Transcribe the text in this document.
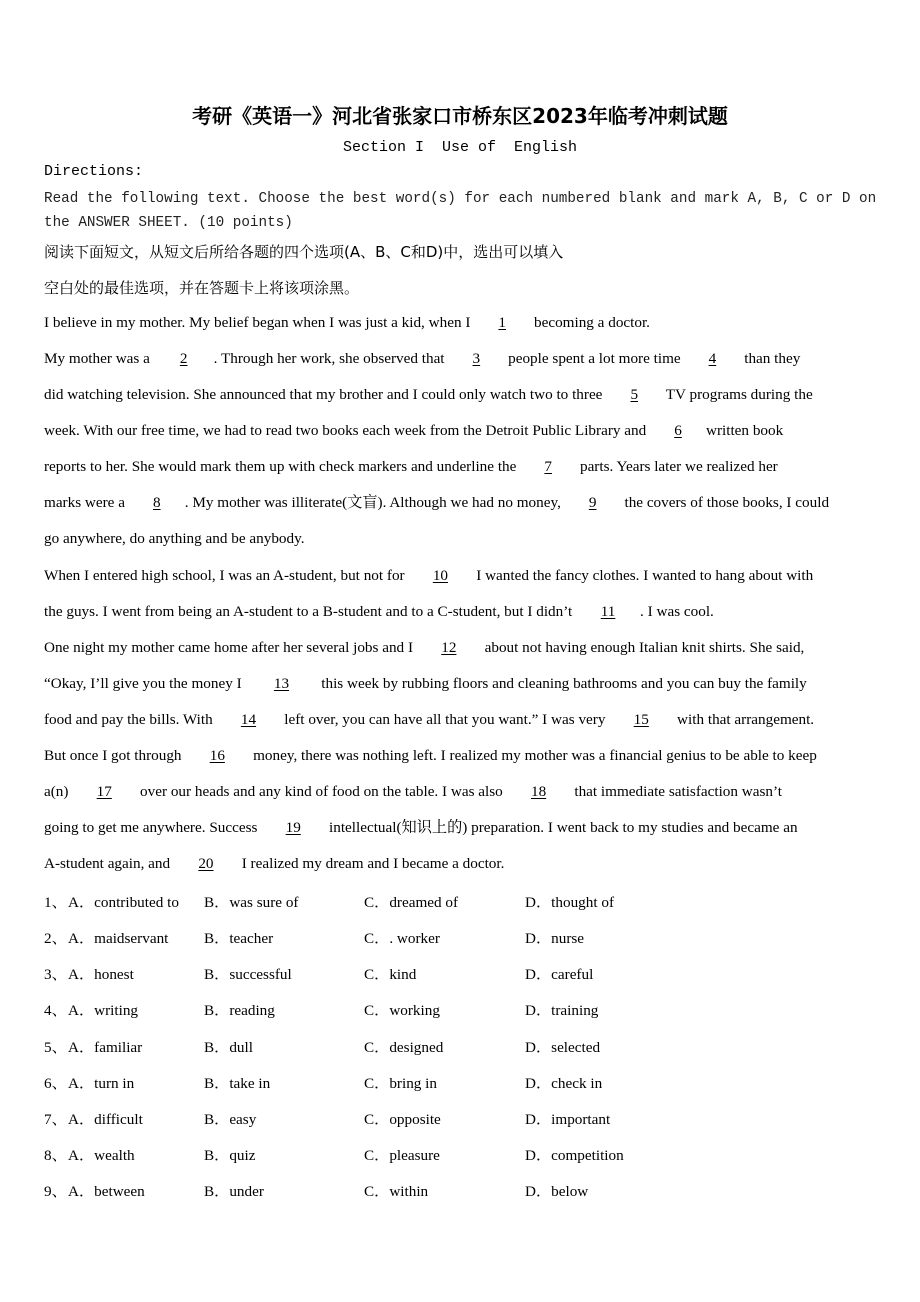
考研《英语一》河北省张家口市桥东区2023年临考冲刺试题
Section I  Use of  English
Directions:
Read the following text. Choose the best word(s) for each numbered blank and mark A, B, C or D on the ANSWER SHEET. (10 points)
阅读下面短文，从短文后所给各题的四个选项(A、B、C和D)中，选出可以填入
空白处的最佳选项，并在答题卡上将该项涂黑。
I believe in my mother. My belief began when I was just a kid, when I 1 becoming a doctor.
My mother was a 2 . Through her work, she observed that 3 people spent a lot more time 4 than they
did watching television. She announced that my brother and I could only watch two to three 5 TV programs during the
week. With our free time, we had to read two books each week from the Detroit Public Library and 6 written book
reports to her. She would mark them up with check markers and underline the 7 parts. Years later we realized her
marks were a 8 . My mother was illiterate(文盲). Although we had no money, 9 the covers of those books, I could
go anywhere, do anything and be anybody.
When I entered high school, I was an A-student, but not for 10 I wanted the fancy clothes. I wanted to hang about with
the guys. I went from being an A-student to a B-student and to a C-student, but I didn’t 11 . I was cool.
One night my mother came home after her several jobs and I 12 about not having enough Italian knit shirts. She said,
“Okay, I’ll give you the money I 13 this week by rubbing floors and cleaning bathrooms and you can buy the family
food and pay the bills. With 14 left over, you can have all that you want.” I was very 15 with that arrangement.
But once I got through 16 money, there was nothing left. I realized my mother was a financial genius to be able to keep
a(n) 17 over our heads and any kind of food on the table. I was also 18 that immediate satisfaction wasn’t
going to get me anywhere. Success 19 intellectual(知识上的) preparation. I went back to my studies and became an
A-student again, and 20 I realized my dream and I became a doctor.
1、 A．contributed to B．was sure of	C．dreamed of	D．thought of
2、 A．maidservant B．teacher	C．. worker	D．nurse
3、 A．honest	B．successful	C．kind	D．careful
4、 A．writing	B．reading	C．working	D．training
5、 A．familiar	B．dull	C．designed	D．selected
6、 A．turn in	B．take in	C．bring in	D．check in
7、 A．difficult	B．easy	C．opposite	D．important
8、 A．wealth	B．quiz	C．pleasure	D．competition
9、 A．between	B．under	C．within	D．below
